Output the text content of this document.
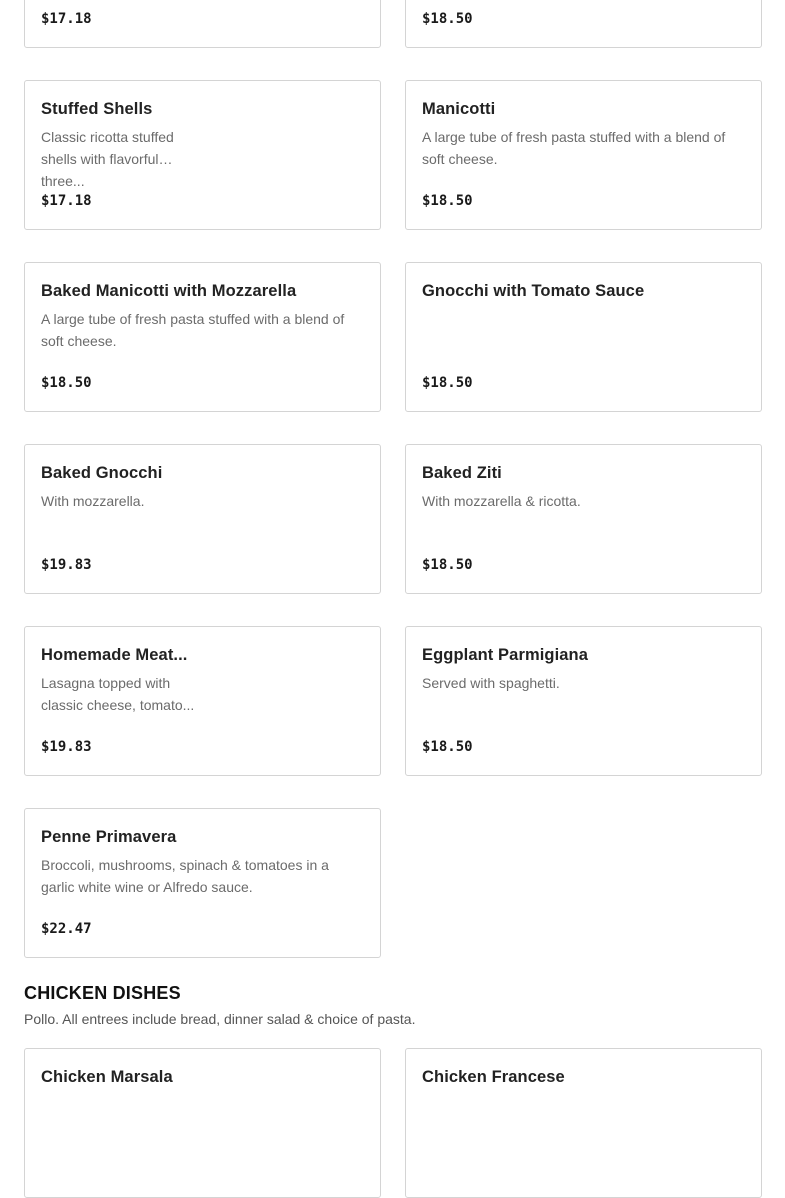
$17.18	$18.50
Stuffed Shells
Classic ricotta stuffed shells with flavorful three...
$17.18
Manicotti
A large tube of fresh pasta stuffed with a blend of soft cheese.
$18.50
Baked Manicotti with Mozzarella
A large tube of fresh pasta stuffed with a blend of soft cheese.
$18.50
Gnocchi with Tomato Sauce
$18.50
Baked Gnocchi
With mozzarella.
$19.83
Baked Ziti
With mozzarella & ricotta.
$18.50
Homemade Meat...
Lasagna topped with classic cheese, tomato...
$19.83
Eggplant Parmigiana
Served with spaghetti.
$18.50
Penne Primavera
Broccoli, mushrooms, spinach & tomatoes in a garlic white wine or Alfredo sauce.
$22.47
CHICKEN DISHES

Pollo. All entrees include bread, dinner salad & choice of pasta.

Chicken Marsala	Chicken Francese
